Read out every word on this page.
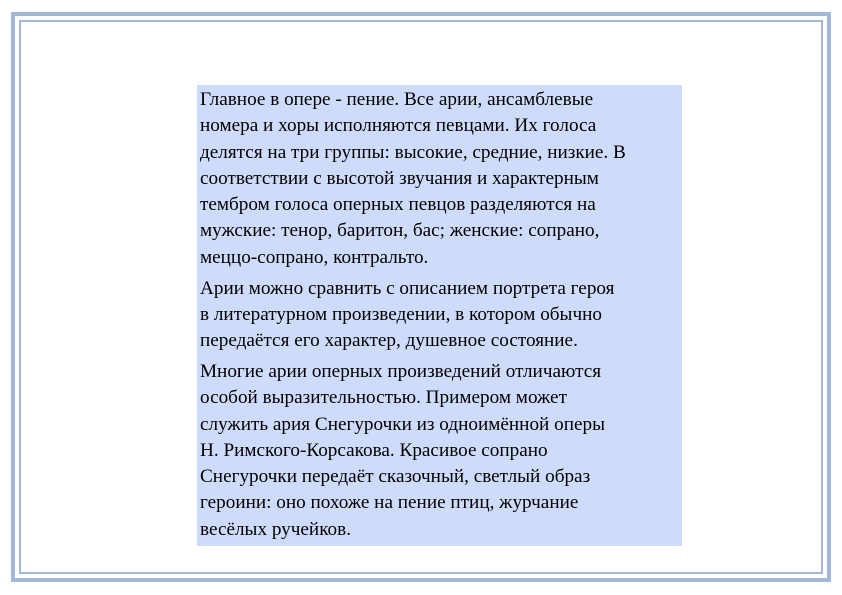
Главное в опере - пение. Все арии, ансамблевые
номера и хоры исполняются певцами. Их голоса
делятся на три группы: высокие, средние, низкие. В
соответствии с высотой звучания и характерным
тембром голоса оперных певцов разделяются на
мужские: тенор, баритон, бас; женские: сопрано,
меццо-сопрано, контральто.

Арии можно сравнить с описанием портрета героя
в литературном произведении, в котором обычно
передаётся его характер, душевное состояние.

Многие арии оперных произведений отличаются
особой выразительностью. Примером может
служить ария Снегурочки из одноимённой оперы
Н. Римского-Корсакова. Красивое сопрано
Снегурочки передаёт сказочный, светлый образ
героини: оно похоже на пение птиц, журчание
весёлых ручейков.
